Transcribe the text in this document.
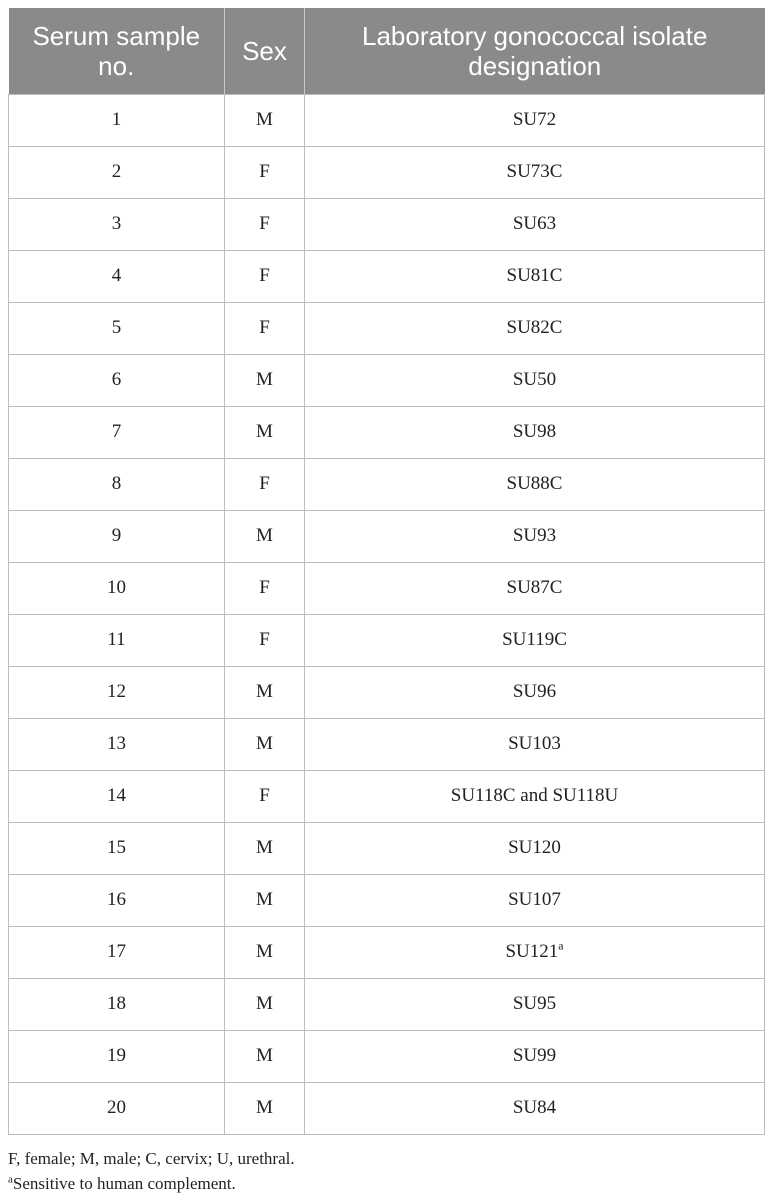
Serum sample no.	Sex	Laboratory gonococcal isolate designation
1	M	SU72
2	F	SU73C
3	F	SU63
4	F	SU81C
5	F	SU82C
6	M	SU50
7	M	SU98
8	F	SU88C
9	M	SU93
10	F	SU87C
11	F	SU119C
12	M	SU96
13	M	SU103
14	F	SU118C and SU118U
15	M	SU120
16	M	SU107
17	M	SU121$^a$
18	M	SU95
19	M	SU99
20	M	SU84

F, female; M, male; C, cervix; U, urethral.

$^a$Sensitive to human complement.
